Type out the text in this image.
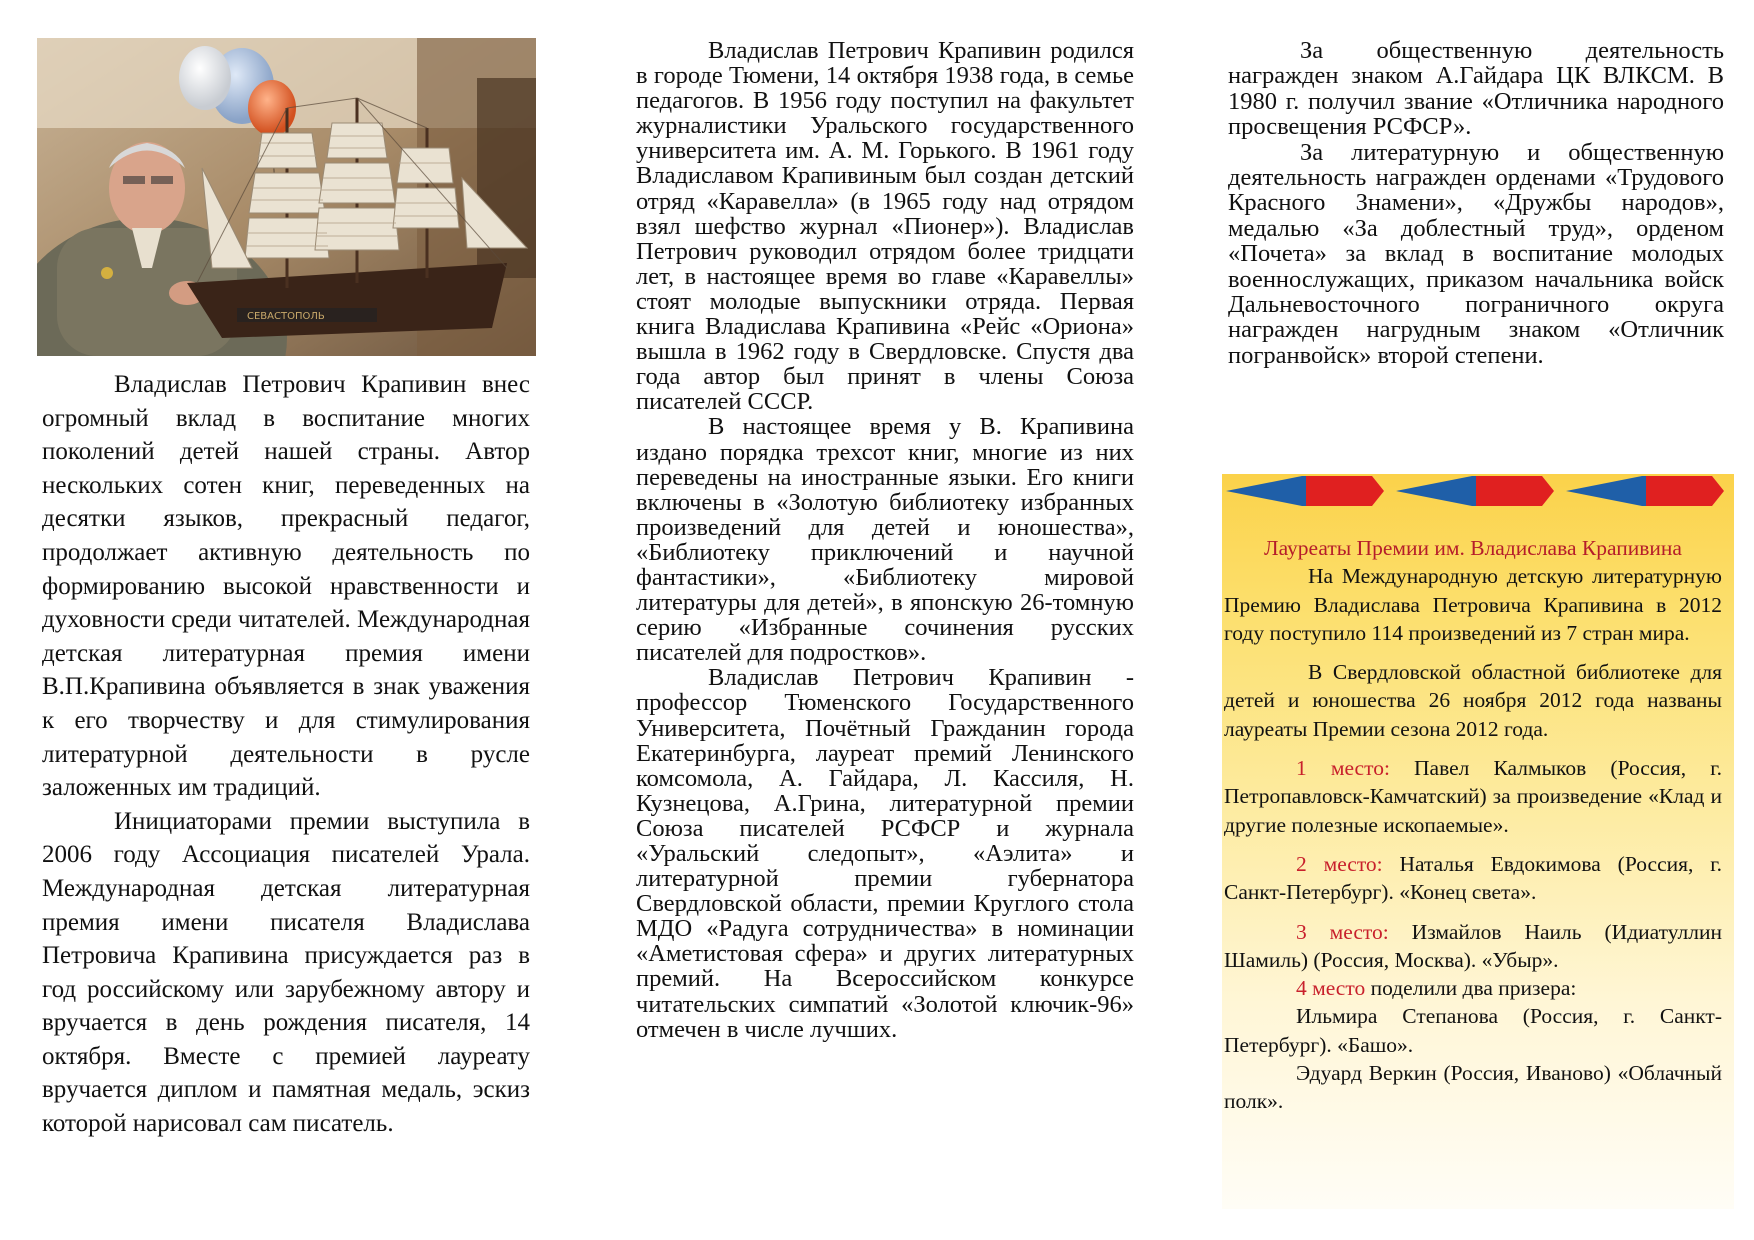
СЕВАСТОПОЛЬ

Владислав Петрович Крапивин внес огромный вклад в воспитание многих поколений детей нашей страны. Автор нескольких сотен книг, переведенных на десятки языков, прекрасный педагог, продолжает активную деятельность по формированию высокой нравственности и духовности среди читателей. Международная детская литературная премия имени В.П.Крапивина объявляется в знак уважения к его творчеству и для стимулирования литературной деятельности в русле заложенных им традиций.

Инициаторами премии выступила в 2006 году Ассоциация писателей Урала. Международная детская литературная премия имени писателя Владислава Петровича Крапивина присуждается раз в год российскому или зарубежному автору и вручается в день рождения писателя, 14 октября. Вместе с премией лауреату вручается диплом и памятная медаль, эскиз которой нарисовал сам писатель.

Владислав Петрович Крапивин родился в городе Тюмени, 14 октября 1938 года, в семье педагогов. В 1956 году поступил на факультет журналистики Уральского государственного университета им. А. М. Горького. В 1961 году Владиславом Крапивиным был создан детский отряд «Каравелла» (в 1965 году над отрядом взял шефство журнал «Пионер»). Владислав Петрович руководил отрядом более тридцати лет, в настоящее время во главе «Каравеллы» стоят молодые выпускники отряда. Первая книга Владислава Крапивина «Рейс «Ориона» вышла в 1962 году в Свердловске. Спустя два года автор был принят в члены Союза писателей СССР.

В настоящее время у В. Крапивина издано порядка трехсот книг, многие из них переведены на иностранные языки. Его книги включены в «Золотую библиотеку избранных произведений для детей и юношества», «Библиотеку приключений и научной фантастики», «Библиотеку мировой литературы для детей», в японскую 26-томную серию «Избранные сочинения русских писателей для подростков».

Владислав Петрович Крапивин - профессор Тюменского Государственного Университета, Почётный Гражданин города Екатеринбурга, лауреат премий Ленинского комсомола, А. Гайдара, Л. Кассиля, Н. Кузнецова, А.Грина, литературной премии Союза писателей РСФСР и журнала «Уральский следопыт», «Аэлита» и литературной премии губернатора Свердловской области, премии Круглого стола МДО «Радуга сотрудничества» в номинации «Аметистовая сфера» и других литературных премий. На Всероссийском конкурсе читательских симпатий «Золотой ключик-96» отмечен в числе лучших.

За общественную деятельность награжден знаком А.Гайдара ЦК ВЛКСМ. В 1980 г. получил звание «Отличника народного просвещения РСФСР».

За литературную и общественную деятельность награжден орденами «Трудового Красного Знамени», «Дружбы народов», медалью «За доблестный труд», орденом «Почета» за вклад в воспитание молодых военнослужащих, приказом начальника войск Дальневосточного пограничного округа награжден нагрудным знаком «Отличник погранвойск» второй степени.

Лауреаты Премии им. Владислава Крапивина

На Международную детскую литературную Премию Владислава Петровича Крапивина в 2012 году поступило 114 произведений из 7 стран мира.

В Свердловской областной библиотеке для детей и юношества 26 ноября 2012 года названы лауреаты Премии сезона 2012 года.

1 место: Павел Калмыков (Россия, г. Петропавловск-Камчатский) за произведение «Клад и другие полезные ископаемые».

2 место: Наталья Евдокимова (Россия, г. Санкт-Петербург). «Конец света».

3 место: Измайлов Наиль (Идиатуллин Шамиль) (Россия, Москва). «Убыр».

4 место поделили два призера:

Ильмира Степанова (Россия, г. Санкт-Петербург). «Башо».

Эдуард Веркин (Россия, Иваново) «Облачный полк».
